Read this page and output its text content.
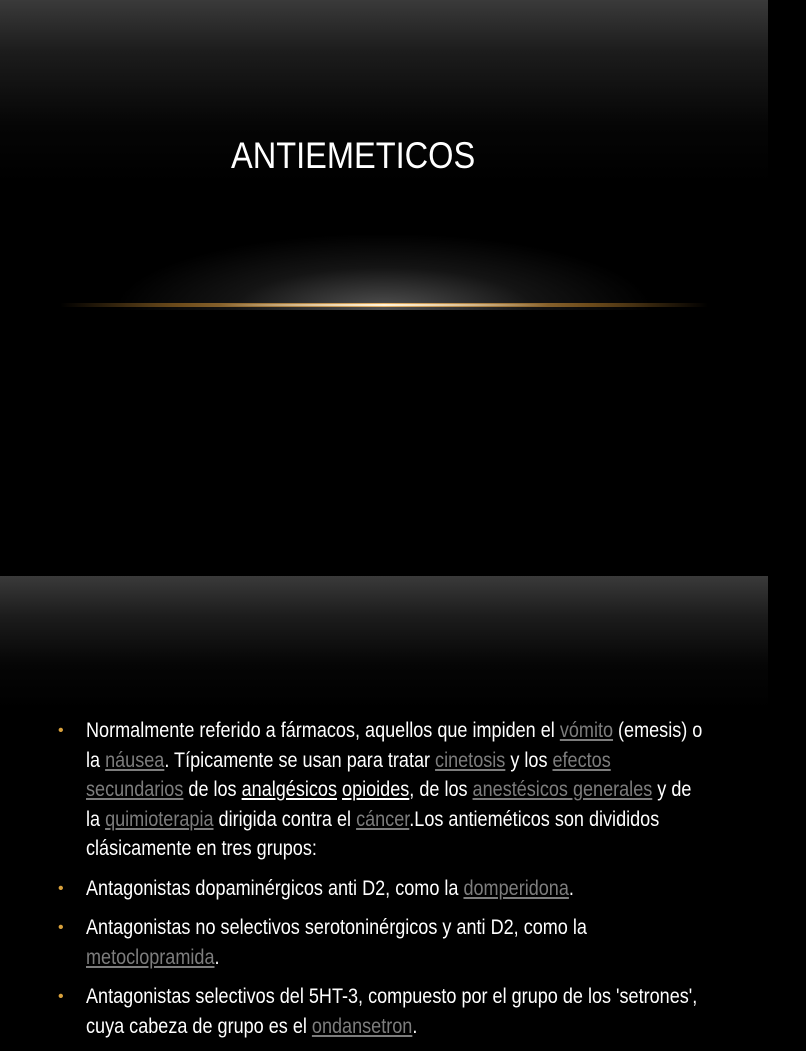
ANTIEMETICOS
• Normalmente referido a fármacos, aquellos que impiden el vómito (emesis) o la náusea. Típicamente se usan para tratar cinetosis y los efectos secundarios de los analgésicos opioides, de los anestésicos generales y de la quimioterapia dirigida contra el cáncer.Los antieméticos son divididos clásicamente en tres grupos:
• Antagonistas dopaminérgicos anti D2, como la domperidona.
• Antagonistas no selectivos serotoninérgicos y anti D2, como la metoclopramida.
• Antagonistas selectivos del 5HT-3, compuesto por el grupo de los 'setrones', cuya cabeza de grupo es el ondansetron.
